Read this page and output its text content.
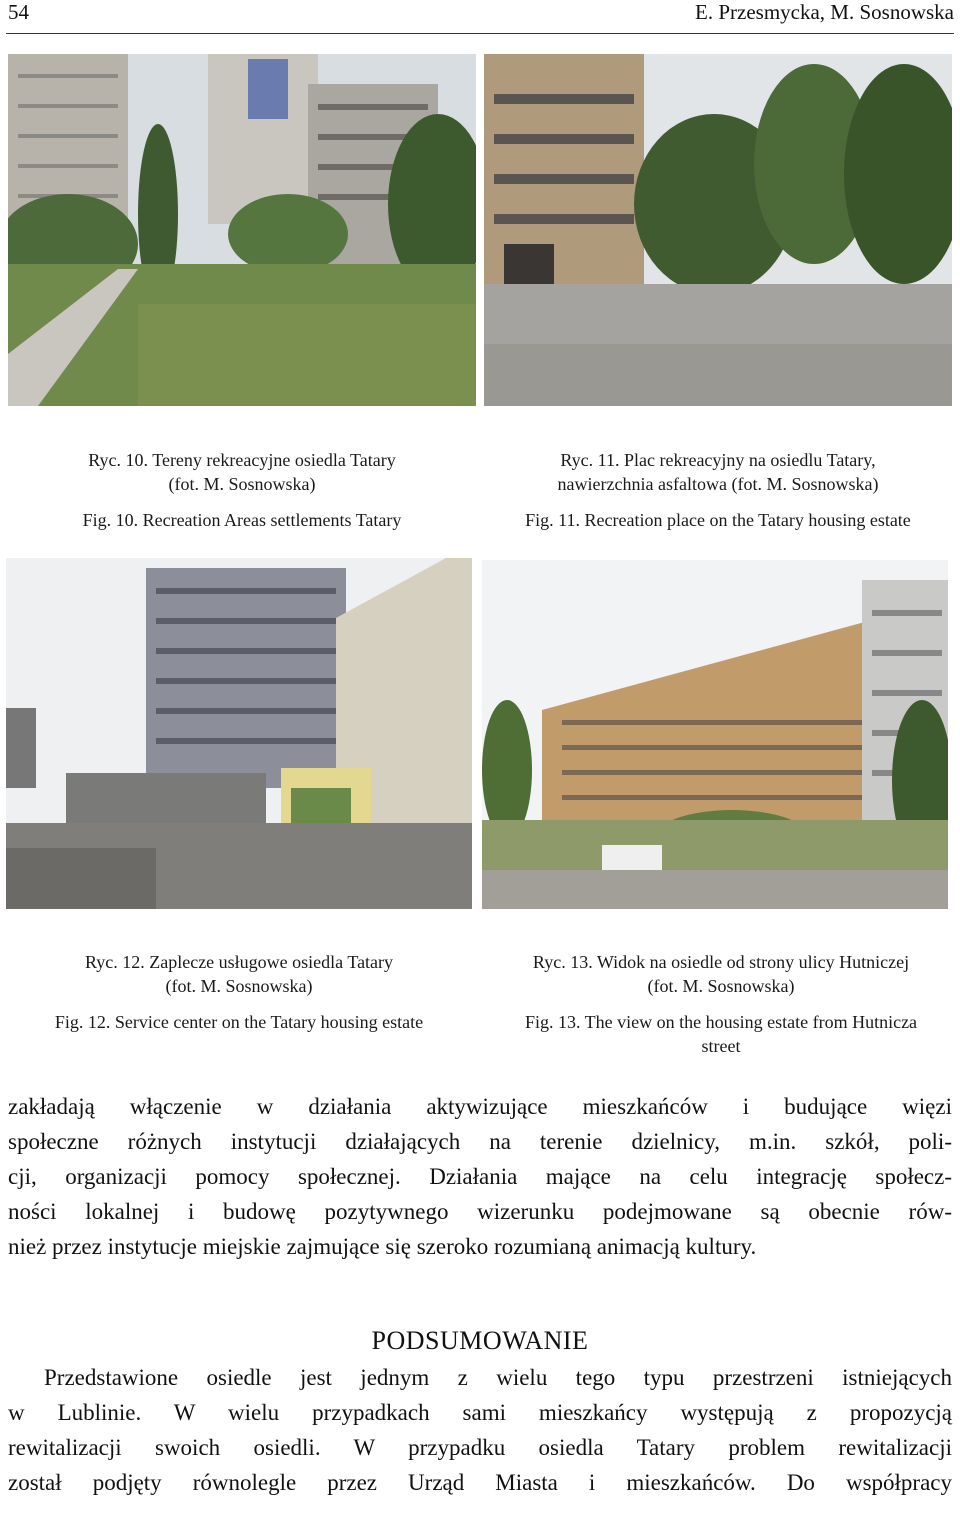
54	E. Przesmycka, M. Sosnowska
Ryc. 10. Tereny rekreacyjne osiedla Tatary
(fot. M. Sosnowska)
Fig. 10. Recreation Areas settlements Tatary
Ryc. 11. Plac rekreacyjny na osiedlu Tatary,
nawierzchnia asfaltowa (fot. M. Sosnowska)
Fig. 11. Recreation place on the Tatary housing estate
Ryc. 12. Zaplecze usługowe osiedla Tatary
(fot. M. Sosnowska)
Fig. 12. Service center on the Tatary housing estate
Ryc. 13. Widok na osiedle od strony ulicy Hutniczej
(fot. M. Sosnowska)
Fig. 13. The view on the housing estate from Hutnicza
street
zakładają włączenie w działania aktywizujące mieszkańców i budujące więzi
społeczne różnych instytucji działających na terenie dzielnicy, m.in. szkół, poli-
cji, organizacji pomocy społecznej. Działania mające na celu integrację społecz-
ności lokalnej i budowę pozytywnego wizerunku podejmowane są obecnie rów-
nież przez instytucje miejskie zajmujące się szeroko rozumianą animacją kultury.
PODSUMOWANIE
Przedstawione osiedle jest jednym z wielu tego typu przestrzeni istniejących
w Lublinie. W wielu przypadkach sami mieszkańcy występują z propozycją
rewitalizacji swoich osiedli. W przypadku osiedla Tatary problem rewitalizacji
został podjęty równolegle przez Urząd Miasta i mieszkańców. Do współpracy
